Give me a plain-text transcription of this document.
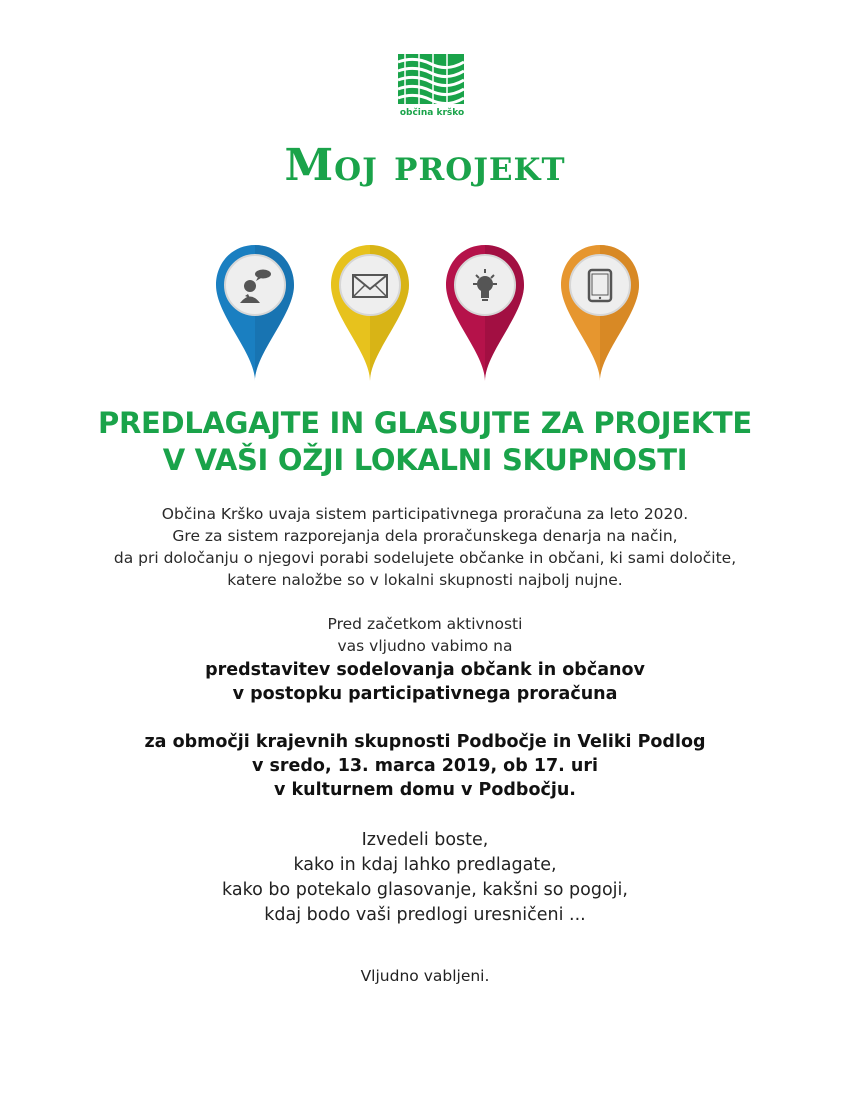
občina krško
Moj projekt
PREDLAGAJTE IN GLASUJTE ZA PROJEKTE
V VAŠI OŽJI LOKALNI SKUPNOSTI
Občina Krško uvaja sistem participativnega proračuna za leto 2020.
Gre za sistem razporejanja dela proračunskega denarja na način,
da pri določanju o njegovi porabi sodelujete občanke in občani, ki sami določite,
katere naložbe so v lokalni skupnosti najbolj nujne.
Pred začetkom aktivnosti
vas vljudno vabimo na
predstavitev sodelovanja občank in občanov
v postopku participativnega proračuna
za območji krajevnih skupnosti Podbočje in Veliki Podlog
v sredo, 13. marca 2019, ob 17. uri
v kulturnem domu v Podbočju.
Izvedeli boste,
kako in kdaj lahko predlagate,
kako bo potekalo glasovanje, kakšni so pogoji,
kdaj bodo vaši predlogi uresničeni ...
Vljudno vabljeni.
